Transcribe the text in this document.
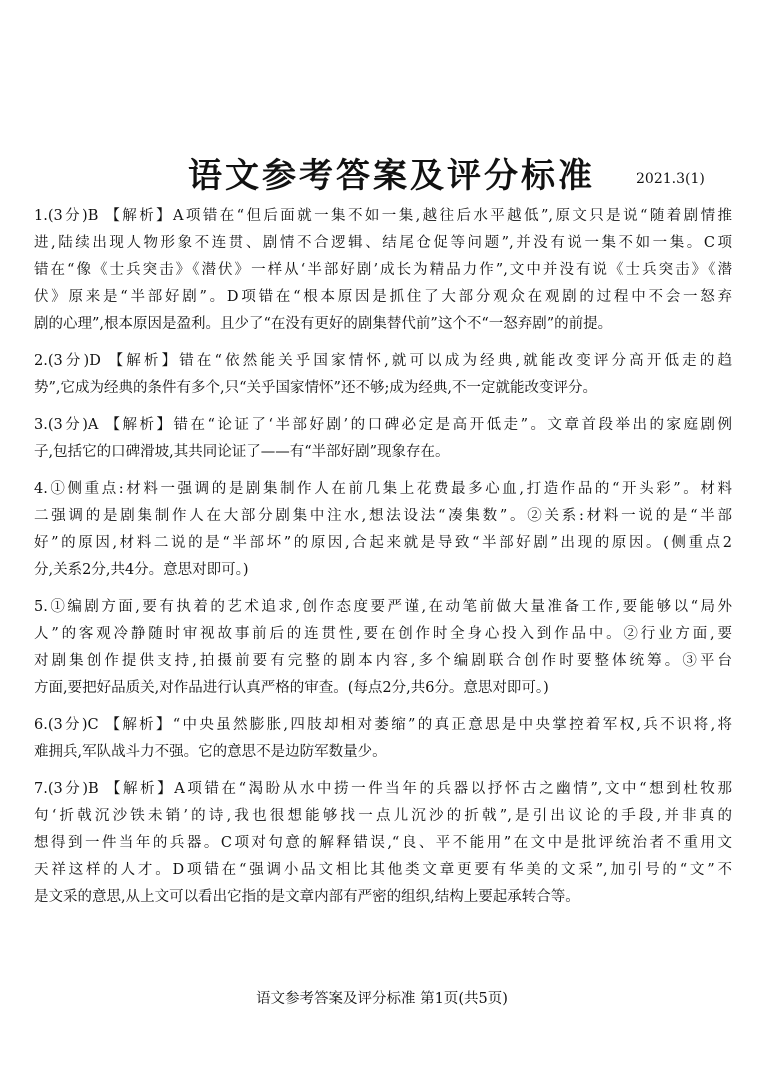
语文参考答案及评分标准	2021.3(1)
1.(3分)B 【解析】A项错在“但后面就一集不如一集,越往后水平越低”,原文只是说“随着剧情推
进,陆续出现人物形象不连贯、剧情不合逻辑、结尾仓促等问题”,并没有说一集不如一集。C项
错在“像《士兵突击》《潜伏》一样从‘半部好剧’成长为精品力作”,文中并没有说《士兵突击》《潜
伏》原来是“半部好剧”。D项错在“根本原因是抓住了大部分观众在观剧的过程中不会一怒弃
剧的心理”,根本原因是盈利。且少了“在没有更好的剧集替代前”这个不“一怒弃剧”的前提。
2.(3分)D 【解析】错在“依然能关乎国家情怀,就可以成为经典,就能改变评分高开低走的趋
势”,它成为经典的条件有多个,只“关乎国家情怀”还不够;成为经典,不一定就能改变评分。
3.(3分)A 【解析】错在“论证了‘半部好剧’的口碑必定是高开低走”。文章首段举出的家庭剧例
子,包括它的口碑滑坡,其共同论证了——有“半部好剧”现象存在。
4.①侧重点:材料一强调的是剧集制作人在前几集上花费最多心血,打造作品的“开头彩”。材料
二强调的是剧集制作人在大部分剧集中注水,想法设法“凑集数”。②关系:材料一说的是“半部
好”的原因,材料二说的是“半部坏”的原因,合起来就是导致“半部好剧”出现的原因。(侧重点2
分,关系2分,共4分。意思对即可。)
5.①编剧方面,要有执着的艺术追求,创作态度要严谨,在动笔前做大量准备工作,要能够以“局外
人”的客观冷静随时审视故事前后的连贯性,要在创作时全身心投入到作品中。②行业方面,要
对剧集创作提供支持,拍摄前要有完整的剧本内容,多个编剧联合创作时要整体统筹。③平台
方面,要把好品质关,对作品进行认真严格的审查。(每点2分,共6分。意思对即可。)
6.(3分)C 【解析】“中央虽然膨胀,四肢却相对萎缩”的真正意思是中央掌控着军权,兵不识将,将
难拥兵,军队战斗力不强。它的意思不是边防军数量少。
7.(3分)B 【解析】A项错在“渴盼从水中捞一件当年的兵器以抒怀古之幽情”,文中“想到杜牧那
句‘折戟沉沙铁未销’的诗,我也很想能够找一点儿沉沙的折戟”,是引出议论的手段,并非真的
想得到一件当年的兵器。C项对句意的解释错误,“良、平不能用”在文中是批评统治者不重用文
天祥这样的人才。D项错在“强调小品文相比其他类文章更要有华美的文采”,加引号的“文”不
是文采的意思,从上文可以看出它指的是文章内部有严密的组织,结构上要起承转合等。
语文参考答案及评分标准 第1页(共5页)
